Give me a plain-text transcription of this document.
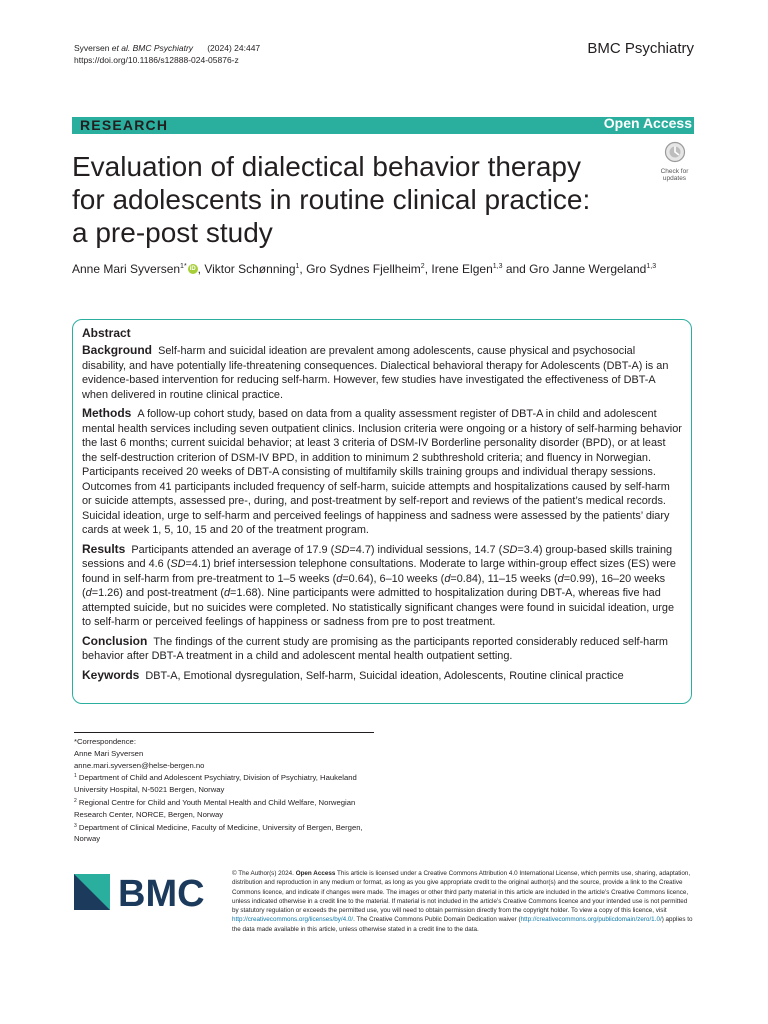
Syversen et al. BMC Psychiatry (2024) 24:447
https://doi.org/10.1186/s12888-024-05876-z
BMC Psychiatry
RESEARCH	Open Access
Evaluation of dialectical behavior therapy
for adolescents in routine clinical practice:
a pre-post study
Check for
updates
Anne Mari Syversen$^{1*}$ iD , Viktor Schønning$^1$, Gro Sydnes Fjellheim$^2$, Irene Elgen$^{1,3}$ and Gro Janne Wergeland$^{1,3}$
Abstract

Background Self-harm and suicidal ideation are prevalent among adolescents, cause physical and psychosocial disability, and have potentially life-threatening consequences. Dialectical behavioral therapy for Adolescents (DBT-A) is an evidence-based intervention for reducing self-harm. However, few studies have investigated the effectiveness of DBT-A when delivered in routine clinical practice.

Methods A follow-up cohort study, based on data from a quality assessment register of DBT-A in child and adolescent mental health services including seven outpatient clinics. Inclusion criteria were ongoing or a history of self-harming behavior the last 6 months; current suicidal behavior; at least 3 criteria of DSM-IV Borderline personality disorder (BPD), or at least the self-destruction criterion of DSM-IV BPD, in addition to minimum 2 subthreshold criteria; and fluency in Norwegian. Participants received 20 weeks of DBT-A consisting of multifamily skills training groups and individual therapy sessions. Outcomes from 41 participants included frequency of self-harm, suicide attempts and hospitalizations caused by self-harm or suicide attempts, assessed pre-, during, and post-treatment by self-report and reviews of the patient’s medical records. Suicidal ideation, urge to self-harm and perceived feelings of happiness and sadness were assessed by the patients’ diary cards at week 1, 5, 10, 15 and 20 of the treatment program.

Results Participants attended an average of 17.9 (SD=4.7) individual sessions, 14.7 (SD=3.4) group-based skills training sessions and 4.6 (SD=4.1) brief intersession telephone consultations. Moderate to large within-group effect sizes (ES) were found in self-harm from pre-treatment to 1–5 weeks (d=0.64), 6–10 weeks (d=0.84), 11–15 weeks (d=0.99), 16–20 weeks (d=1.26) and post-treatment (d=1.68). Nine participants were admitted to hospitalization during DBT-A, whereas five had attempted suicide, but no suicides were completed. No statistically significant changes were found in suicidal ideation, urge to self-harm or perceived feelings of happiness or sadness from pre to post treatment.

Conclusion The findings of the current study are promising as the participants reported considerably reduced self-harm behavior after DBT-A treatment in a child and adolescent mental health outpatient setting.

Keywords DBT-A, Emotional dysregulation, Self-harm, Suicidal ideation, Adolescents, Routine clinical practice

*Correspondence:
Anne Mari Syversen
anne.mari.syversen@helse-bergen.no
$^1$ Department of Child and Adolescent Psychiatry, Division of Psychiatry, Haukeland University Hospital, N-5021 Bergen, Norway
$^2$ Regional Centre for Child and Youth Mental Health and Child Welfare, Norwegian Research Center, NORCE, Bergen, Norway
$^3$ Department of Clinical Medicine, Faculty of Medicine, University of Bergen, Bergen, Norway
BMC	© The Author(s) 2024. Open Access This article is licensed under a Creative Commons Attribution 4.0 International License, which permits use, sharing, adaptation, distribution and reproduction in any medium or format, as long as you give appropriate credit to the original author(s) and the source, provide a link to the Creative Commons licence, and indicate if changes were made. The images or other third party material in this article are included in the article’s Creative Commons licence, unless indicated otherwise in a credit line to the material. If material is not included in the article’s Creative Commons licence and your intended use is not permitted by statutory regulation or exceeds the permitted use, you will need to obtain permission directly from the copyright holder. To view a copy of this licence, visit http://creativecommons.org/licenses/by/4.0/. The Creative Commons Public Domain Dedication waiver (http://creativecommons.org/publicdomain/zero/1.0/) applies to the data made available in this article, unless otherwise stated in a credit line to the data.
